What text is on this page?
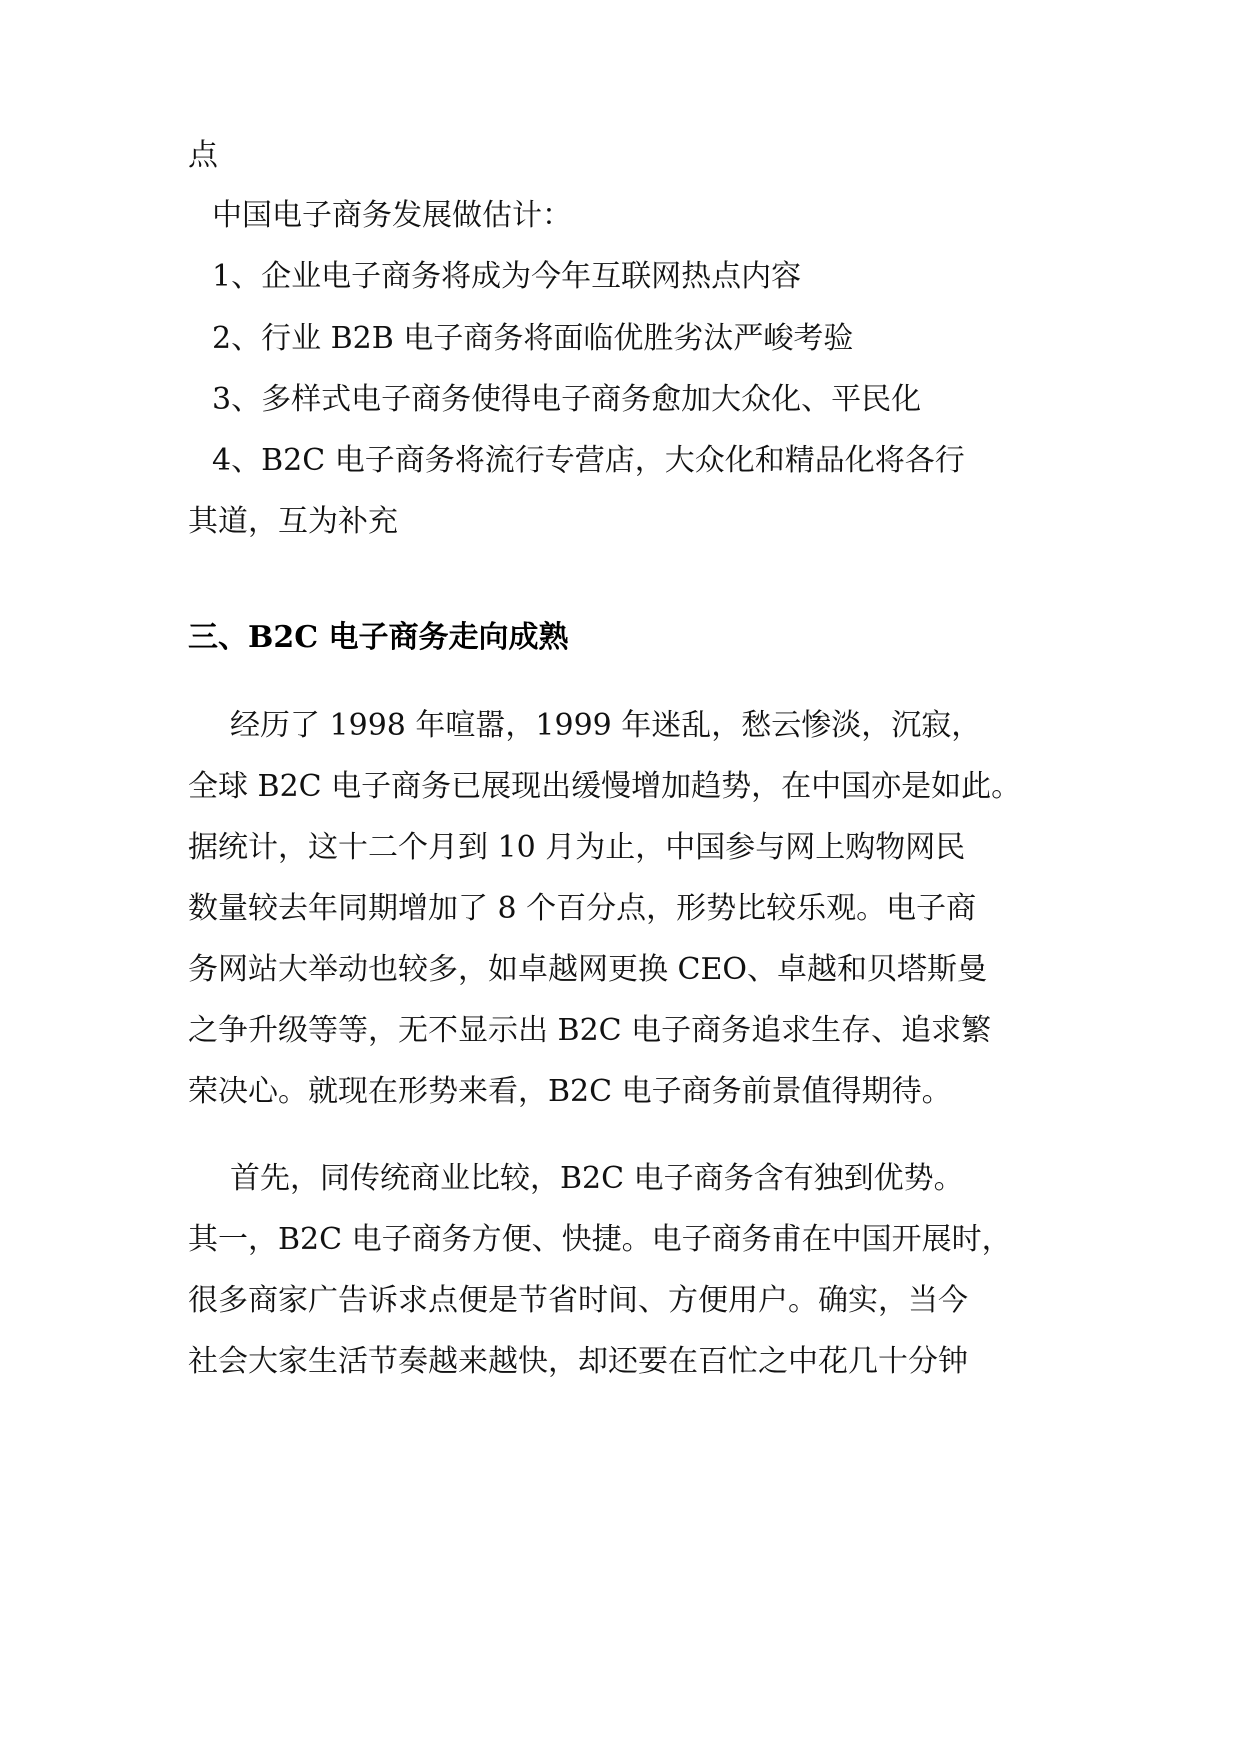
点
中国电子商务发展做估计：
1、企业电子商务将成为今年互联网热点内容
2、行业 B2B 电子商务将面临优胜劣汰严峻考验
3、多样式电子商务使得电子商务愈加大众化、平民化
4、B2C 电子商务将流行专营店，大众化和精品化将各行
其道，互为补充
三、B2C 电子商务走向成熟
经历了 1998 年喧嚣，1999 年迷乱，愁云惨淡，沉寂，
全球 B2C 电子商务已展现出缓慢增加趋势，在中国亦是如此。
据统计，这十二个月到 10 月为止，中国参与网上购物网民
数量较去年同期增加了 8 个百分点，形势比较乐观。电子商
务网站大举动也较多，如卓越网更换 CEO、卓越和贝塔斯曼
之争升级等等，无不显示出 B2C 电子商务追求生存、追求繁
荣决心。就现在形势来看，B2C 电子商务前景值得期待。
首先，同传统商业比较，B2C 电子商务含有独到优势。
其一，B2C 电子商务方便、快捷。电子商务甫在中国开展时，
很多商家广告诉求点便是节省时间、方便用户。确实，当今
社会大家生活节奏越来越快，却还要在百忙之中花几十分钟
